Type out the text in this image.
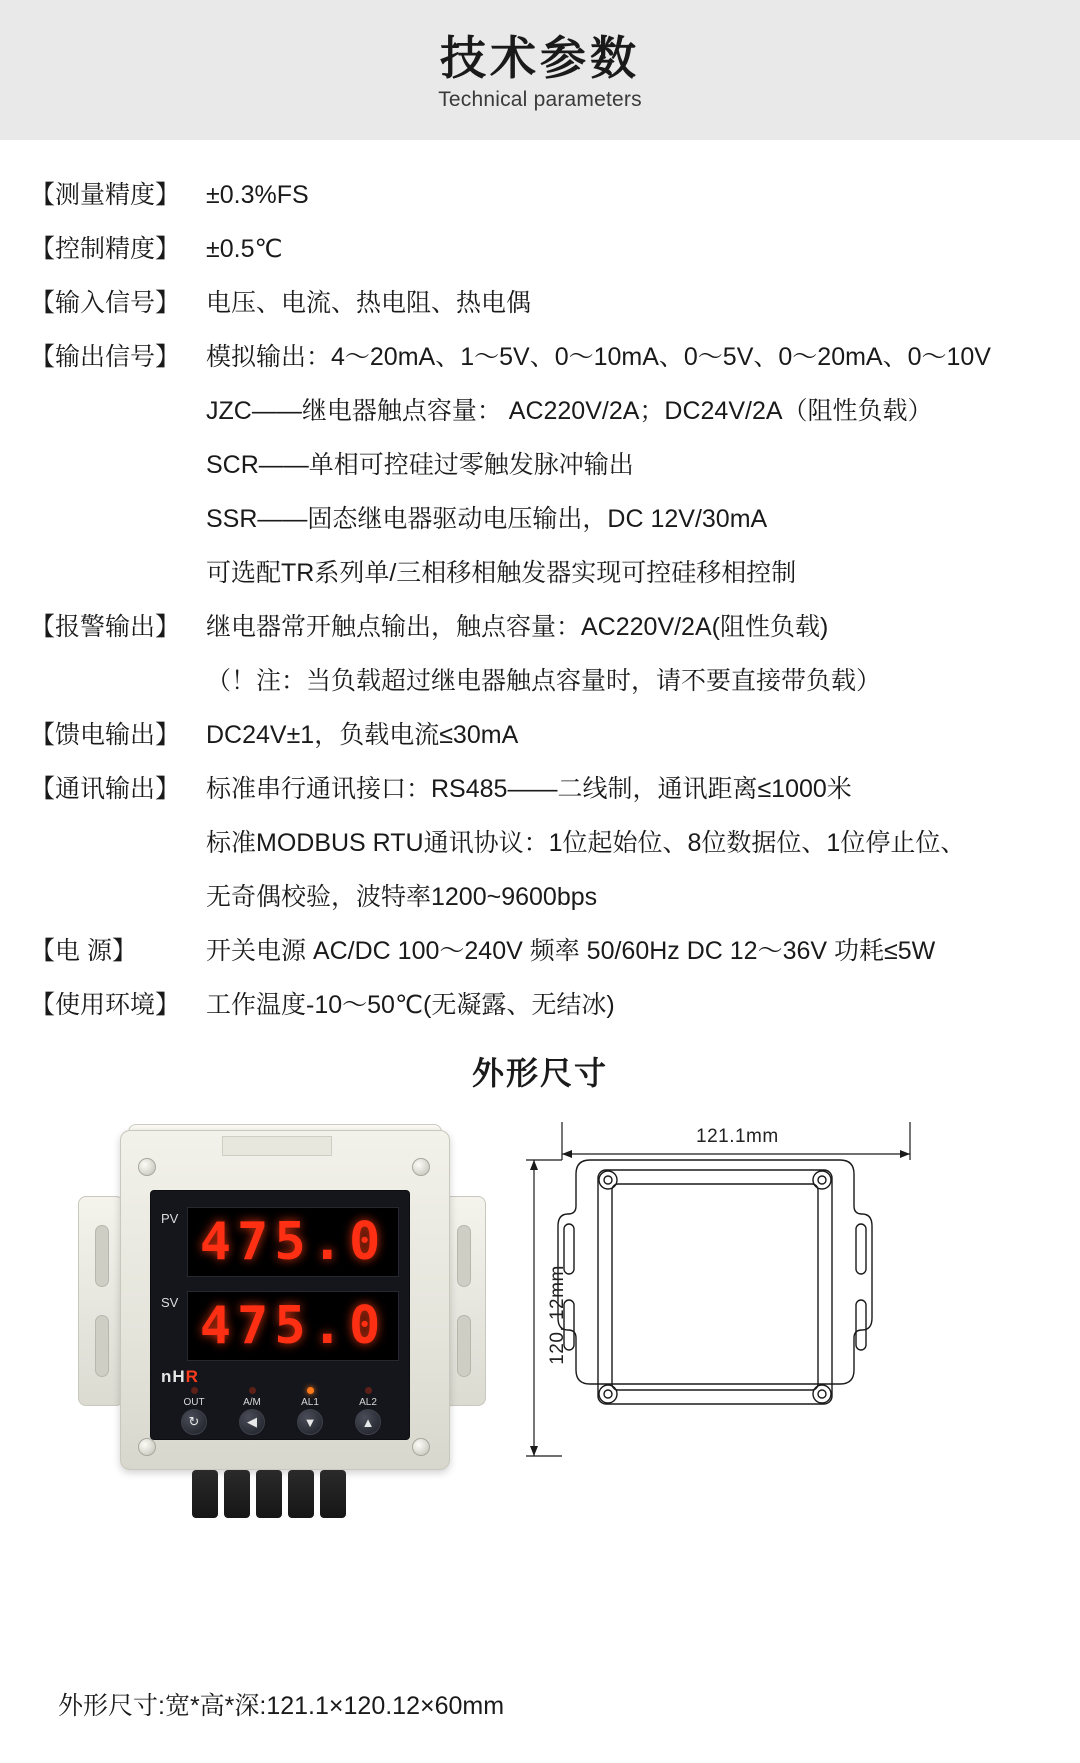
技术参数
Technical parameters
【测量精度】	±0.3%FS
【控制精度】	±0.5℃
【输入信号】	电压、电流、热电阻、热电偶
【输出信号】	模拟输出：4～20mA、1～5V、0～10mA、0～5V、0～20mA、0～10V
JZC——继电器触点容量： AC220V/2A；DC24V/2A（阻性负载）
SCR——单相可控硅过零触发脉冲输出
SSR——固态继电器驱动电压输出，DC 12V/30mA
可选配TR系列单/三相移相触发器实现可控硅移相控制
【报警输出】	继电器常开触点输出，触点容量：AC220V/2A(阻性负载)
（！注：当负载超过继电器触点容量时，请不要直接带负载）
【馈电输出】	DC24V±1，负载电流≤30mA
【通讯输出】	标准串行通讯接口：RS485——二线制，通讯距离≤1000米
标准MODBUS RTU通讯协议：1位起始位、8位数据位、1位停止位、
无奇偶校验，波特率1200~9600bps
【电 源】	开关电源 AC/DC 100～240V 频率 50/60Hz DC 12～36V 功耗≤5W
【使用环境】	工作温度-10～50℃(无凝露、无结冰)
外形尺寸
PV 475.0
SV 475.0
nHR
OUT	A/M	AL1	AL2
↻	◀	▼	▲
121.1mm
120. 12mm
外形尺寸:宽*高*深:121.1×120.12×60mm
